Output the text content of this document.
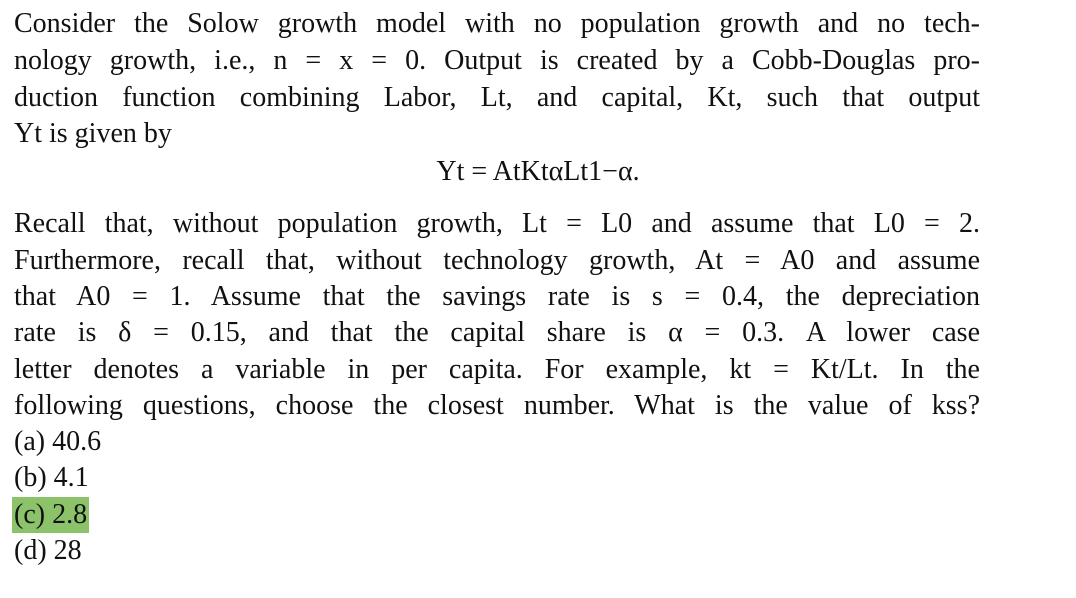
Consider the Solow growth model with no population growth and no tech-
nology growth, i.e., n = x = 0. Output is created by a Cobb-Douglas pro-
duction function combining Labor, Lt, and capital, Kt, such that output
Yt is given by
Yt = AtKtαLt1−α.
Recall that, without population growth, Lt = L0 and assume that L0 = 2.
Furthermore, recall that, without technology growth, At = A0 and assume
that A0 = 1. Assume that the savings rate is s = 0.4, the depreciation
rate is δ = 0.15, and that the capital share is α = 0.3. A lower case
letter denotes a variable in per capita. For example, kt = Kt/Lt. In the
following questions, choose the closest number. What is the value of kss?
(a) 40.6
(b) 4.1
(c) 2.8
(d) 28
